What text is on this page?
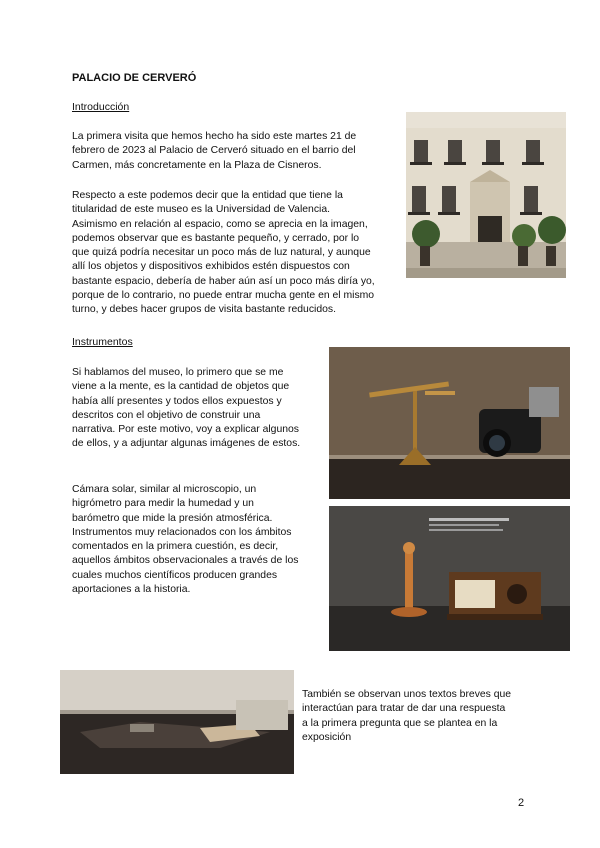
PALACIO DE CERVERÓ
Introducción
La primera visita que hemos hecho ha sido este martes 21 de
febrero de 2023 al Palacio de Cerveró situado en el barrio del
Carmen, más concretamente en la Plaza de Cisneros.
Respecto a este podemos decir que la entidad que tiene la
titularidad de este museo es la Universidad de Valencia.
Asimismo en relación al espacio, como se aprecia en la imagen,
podemos observar que es bastante pequeño, y cerrado, por lo
que quizá podría necesitar un poco más de luz natural, y aunque
allí los objetos y dispositivos exhibidos estén dispuestos con
bastante espacio, debería de haber aún así un poco más diría yo,
porque de lo contrario, no puede entrar mucha gente en el mismo
turno, y debes hacer grupos de visita bastante reducidos.
Instrumentos
Si hablamos del museo, lo primero que se me
viene a la mente, es la cantidad de objetos que
había allí presentes y todos ellos expuestos y
descritos con el objetivo de construir una
narrativa. Por este motivo, voy a explicar algunos
de ellos, y a adjuntar algunas imágenes de estos.
Cámara solar, similar al microscopio, un
higrómetro para medir la humedad y un
barómetro que mide la presión atmosférica.
Instrumentos muy relacionados con los ámbitos
comentados en la primera cuestión, es decir,
aquellos ámbitos observacionales a través de los
cuales muchos científicos producen grandes
aportaciones a la historia.
También se observan unos textos breves que
interactúan para tratar de dar una respuesta
a la primera pregunta que se plantea en la
exposición
2
